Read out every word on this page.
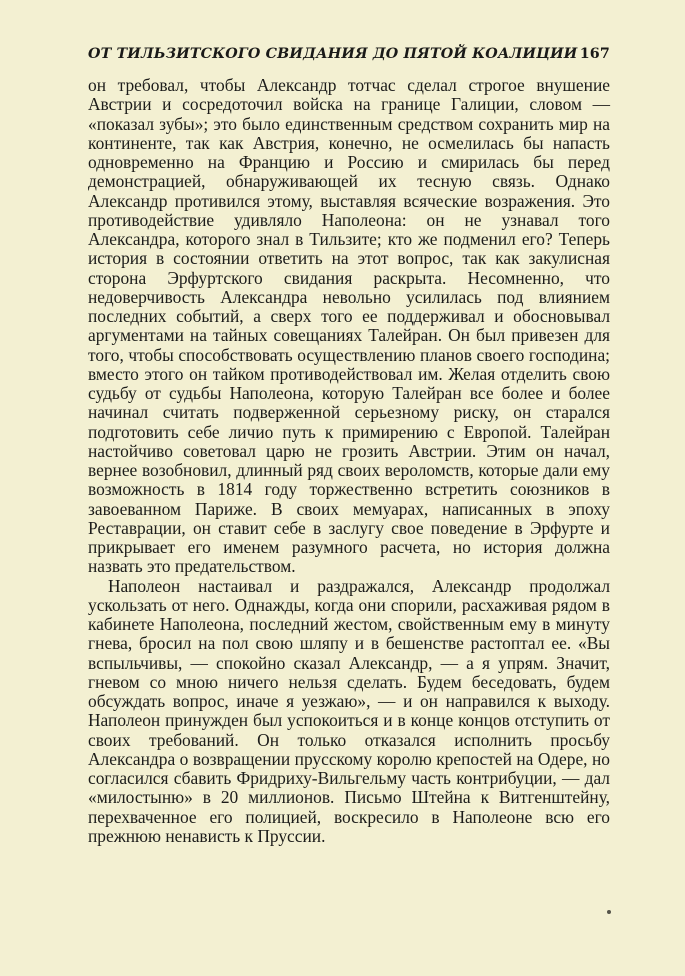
ОТ ТИЛЬЗИТСКОГО СВИДАНИЯ ДО ПЯТОЙ КОАЛИЦИИ 167

он требовал, чтобы Александр тотчас сделал строгое внушение Австрии и сосредоточил войска на границе Галиции, словом — «показал зубы»; это было единственным средством сохранить мир на континенте, так как Австрия, конечно, не осмелилась бы напасть одновременно на Францию и Россию и смирилась бы перед демонстрацией, обнаруживающей их тесную связь. Однако Александр противился этому, выставляя всяческие возражения. Это противодействие удивляло Наполеона: он не узнавал того Александра, которого знал в Тильзите; кто же подменил его? Теперь история в состоянии ответить на этот вопрос, так как закулисная сторона Эрфуртского свидания раскрыта. Несомненно, что недоверчивость Александра невольно усилилась под влиянием последних событий, а сверх того ее поддерживал и обосновывал аргументами на тайных совещаниях Талейран. Он был привезен для того, чтобы способствовать осуществлению планов своего господина; вместо этого он тайком противодействовал им. Желая отделить свою судьбу от судьбы Наполеона, которую Талейран все более и более начинал считать подверженной серьезному риску, он старался подготовить себе личио путь к примирению с Европой. Талейран настойчиво советовал царю не грозить Австрии. Этим он начал, вернее возобновил, длинный ряд своих вероломств, которые дали ему возможность в 1814 году торжественно встретить союзников в завоеванном Париже. В своих мемуарах, написанных в эпоху Реставрации, он ставит себе в заслугу свое поведение в Эрфурте и прикрывает его именем разумного расчета, но история должна назвать это предательством.

Наполеон настаивал и раздражался, Александр продолжал ускользать от него. Однажды, когда они спорили, расхаживая рядом в кабинете Наполеона, последний жестом, свойственным ему в минуту гнева, бросил на пол свою шляпу и в бешенстве растоптал ее. «Вы вспыльчивы, — спокойно сказал Александр, — а я упрям. Значит, гневом со мною ничего нельзя сделать. Будем беседовать, будем обсуждать вопрос, иначе я уезжаю», — и он направился к выходу. Наполеон принужден был успокоиться и в конце концов отступить от своих требований. Он только отказался исполнить просьбу Александра о возвращении прусскому королю крепостей на Одере, но согласился сбавить Фридриху-Вильгельму часть контрибуции, — дал «милостыню» в 20 миллионов. Письмо Штейна к Витгенштейну, перехваченное его полицией, воскресило в Наполеоне всю его прежнюю ненависть к Пруссии.
